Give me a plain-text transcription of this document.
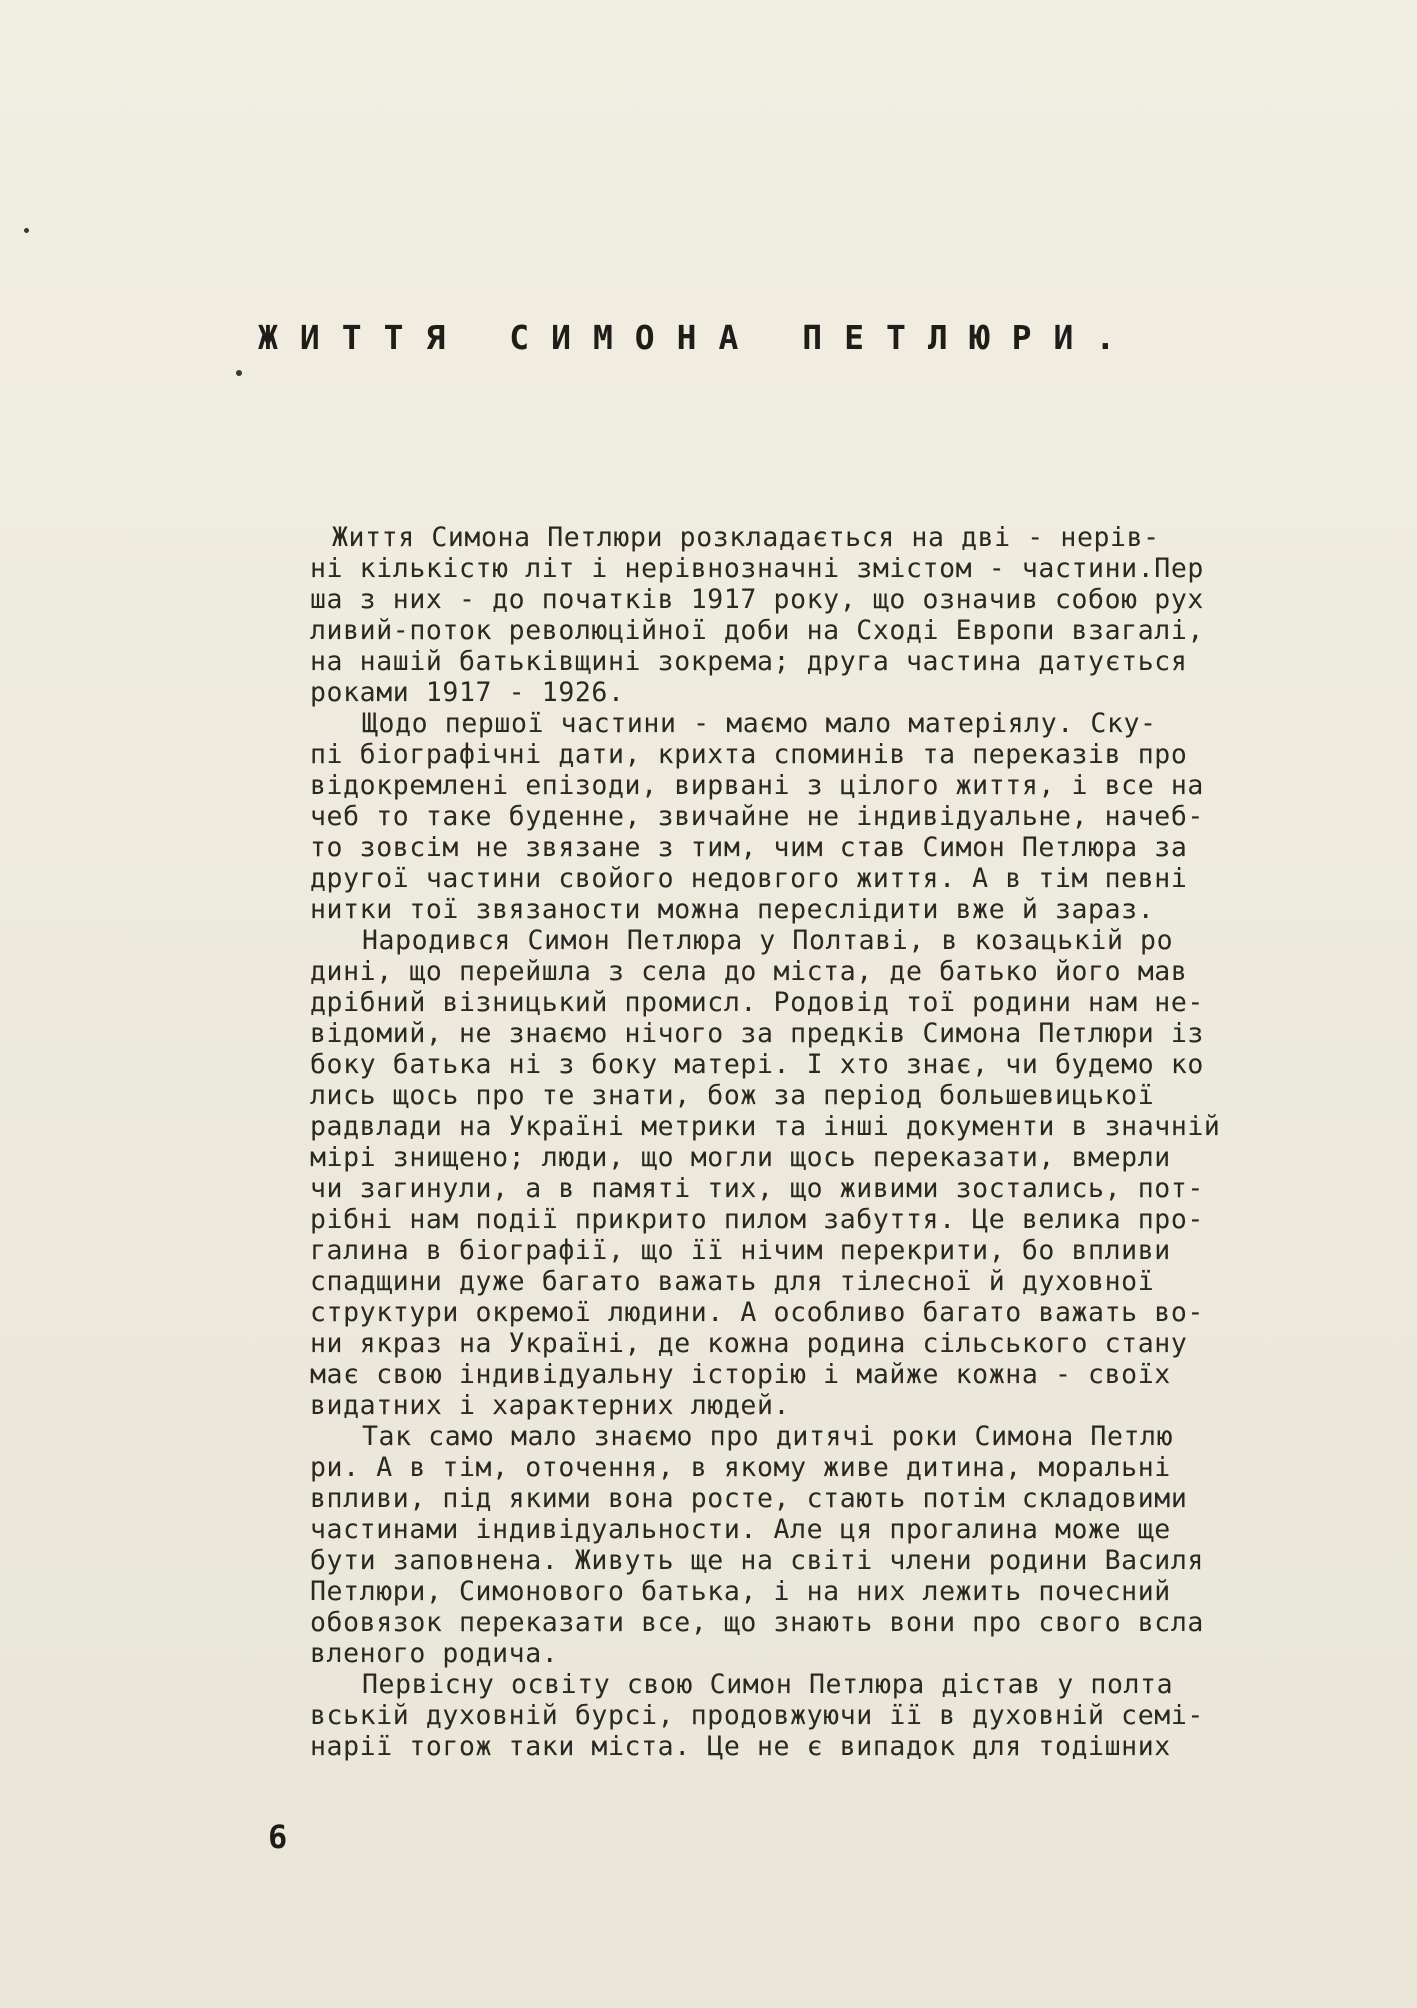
ЖИТТЯ СИМОНА ПЕТЛЮРИ.
Життя Симона Петлюри розкладається на дві - нерів-
ні кількістю літ і нерівнозначні змістом - частини.Пер
ша з них - до початків 1917 року, що означив собою рух
ливий-поток революційної доби на Сході Европи взагалі,
на нашій батьківщині зокрема; друга частина датується
роками 1917 - 1926.
Щодо першої частини - маємо мало матеріялу. Ску-
пі біографічні дати, крихта споминів та переказів про
відокремлені епізоди, вирвані з цілого життя, і все на
чеб то таке буденне, звичайне не індивідуальне, начеб-
то зовсім не звязане з тим, чим став Симон Петлюра за
другої частини свойого недовгого життя. А в тім певні
нитки тої звязаности можна переслідити вже й зараз.
Народився Симон Петлюра у Полтаві, в козацькій ро
дині, що перейшла з села до міста, де батько його мав
дрібний візницький промисл. Родовід тої родини нам не-
відомий, не знаємо нічого за предків Симона Петлюри із
боку батька ні з боку матері. І хто знає, чи будемо ко
лись щось про те знати, бож за період большевицької
радвлади на Україні метрики та інші документи в значній
мірі знищено; люди, що могли щось переказати, вмерли
чи загинули, а в памяті тих, що живими зостались, пот-
рібні нам події прикрито пилом забуття. Це велика про-
галина в біографії, що її нічим перекрити, бо впливи
спадщини дуже багато важать для тілесної й духовної
структури окремої людини. А особливо багато важать во-
ни якраз на Україні, де кожна родина сільського стану
має свою індивідуальну історію і майже кожна - своїх
видатних і характерних людей.
Так само мало знаємо про дитячі роки Симона Петлю
ри. А в тім, оточення, в якому живе дитина, моральні
впливи, під якими вона росте, стають потім складовими
частинами індивідуальности. Але ця прогалина може ще
бути заповнена. Живуть ще на світі члени родини Василя
Петлюри, Симонового батька, і на них лежить почесний
обовязок переказати все, що знають вони про свого всла
вленого родича.
Первісну освіту свою Симон Петлюра дістав у полта
вській духовній бурсі, продовжуючи її в духовній семі-
нарії тогож таки міста. Це не є випадок для тодішних
6
